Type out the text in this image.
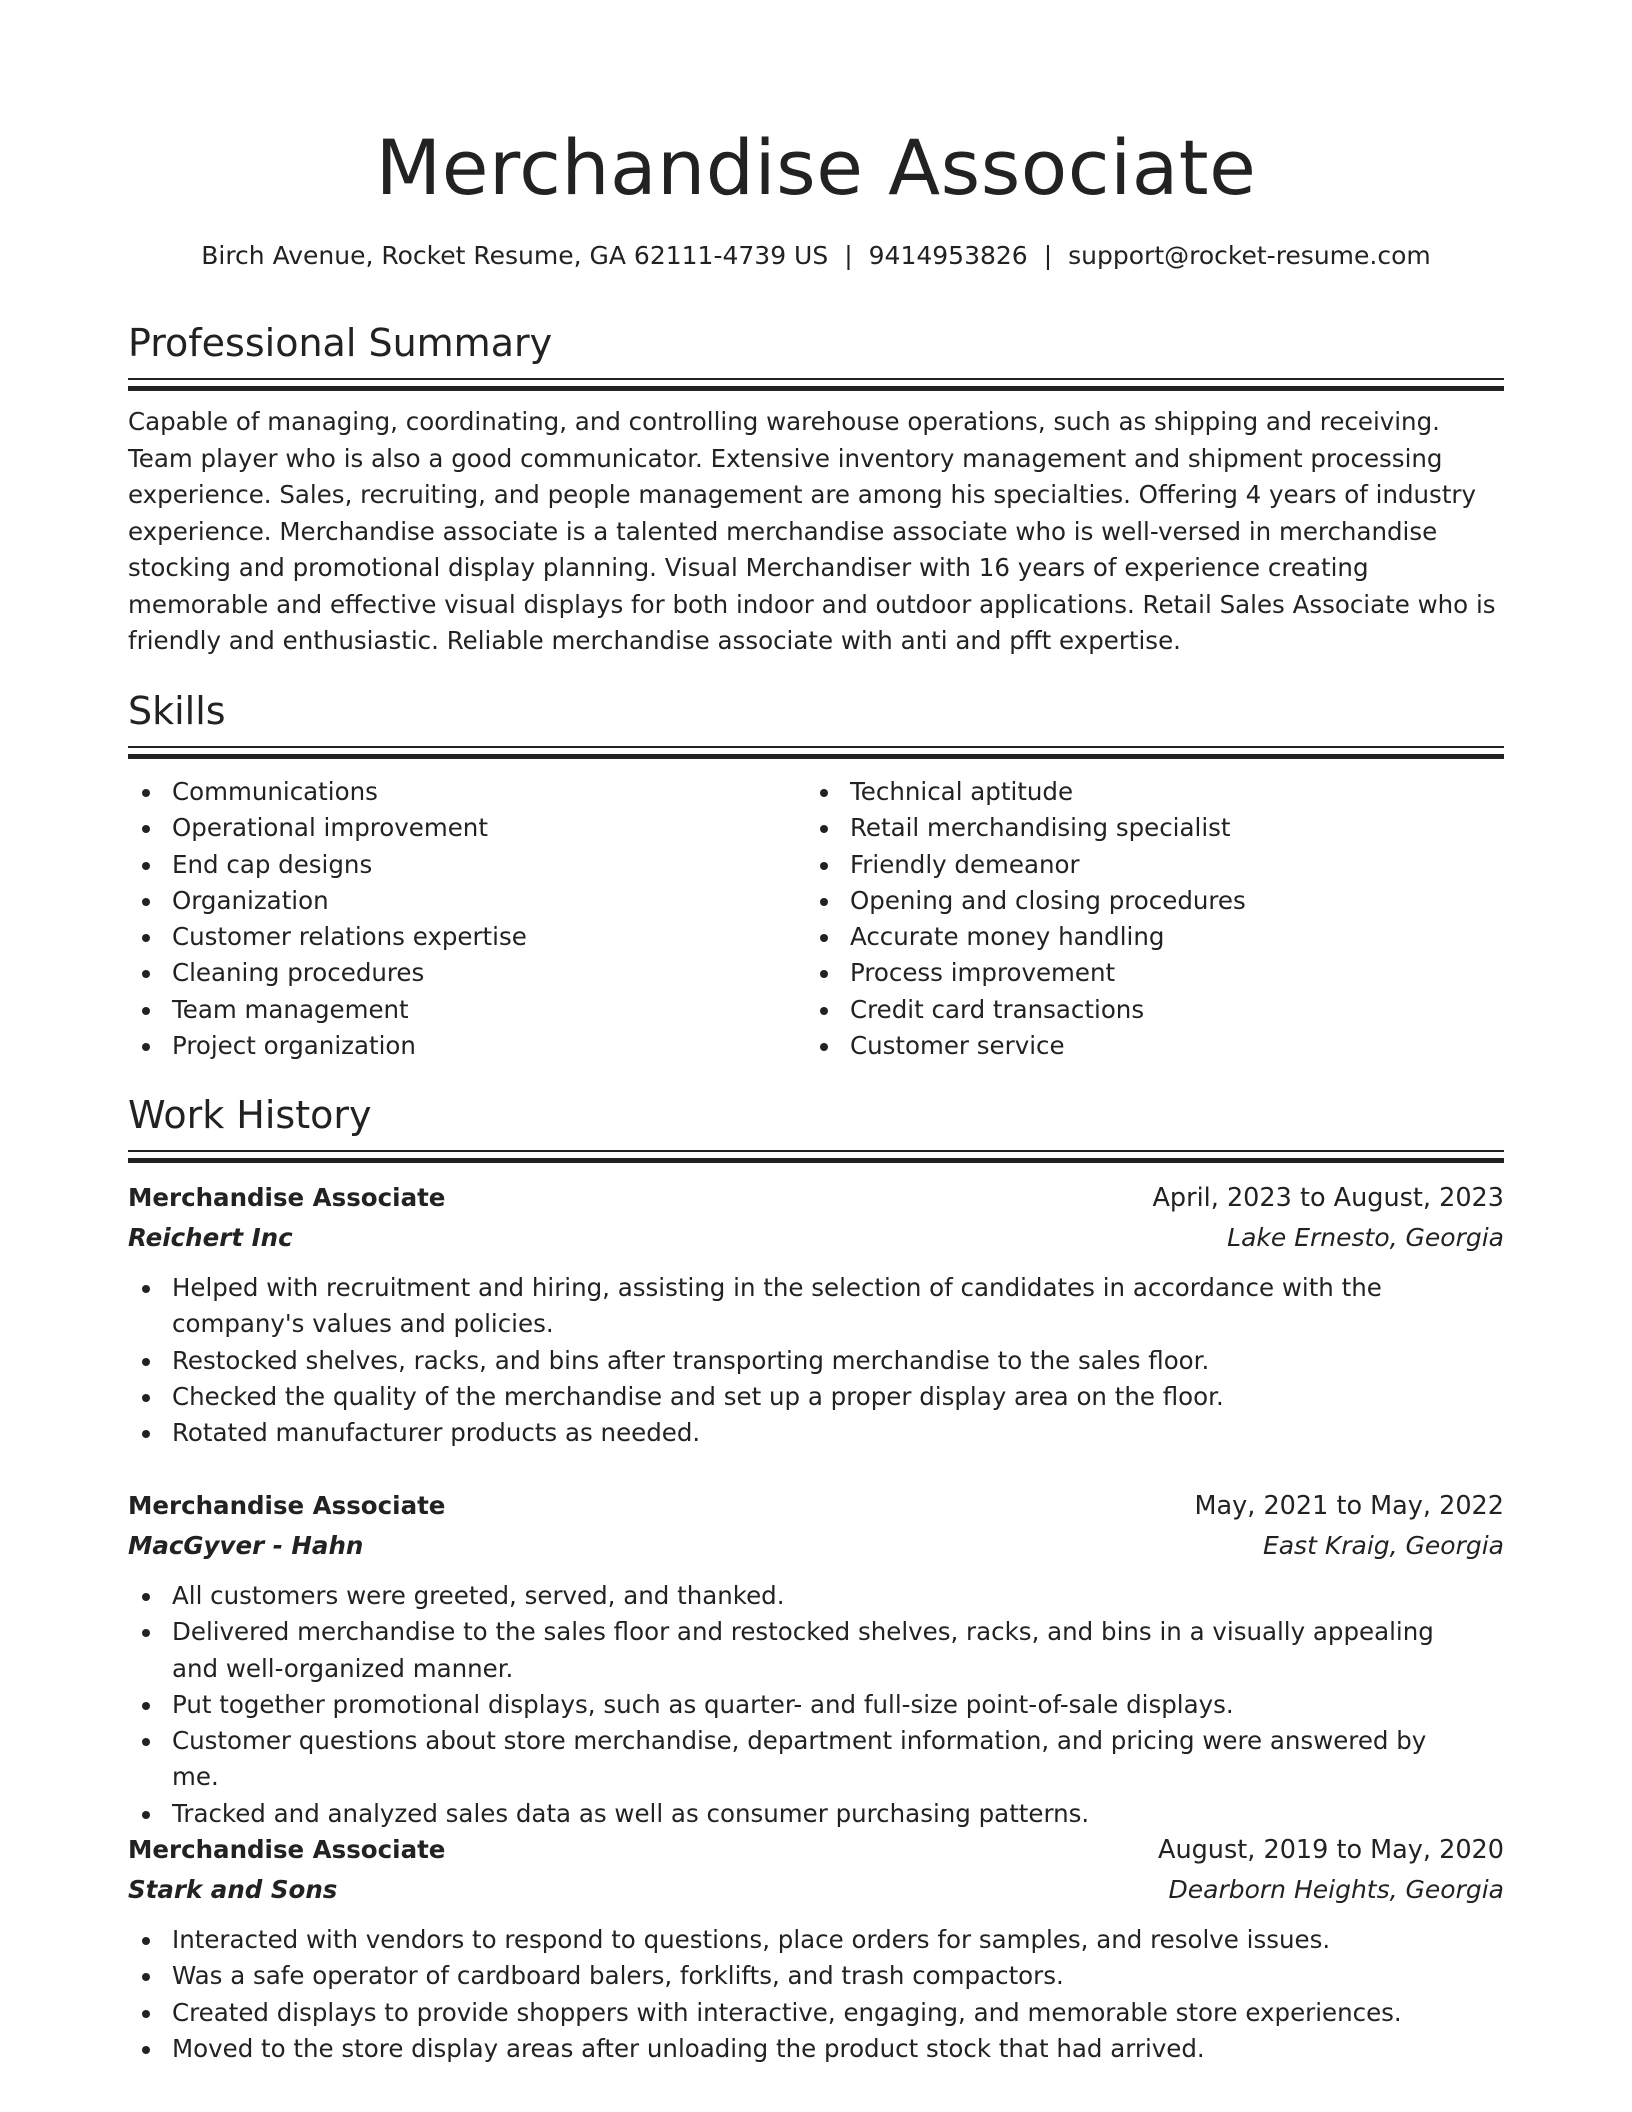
Merchandise Associate
Birch Avenue, Rocket Resume, GA 62111-4739 US | 9414953826 | support@rocket-resume.com
Professional Summary

Capable of managing, coordinating, and controlling warehouse operations, such as shipping and receiving. Team player who is also a good communicator. Extensive inventory management and shipment processing experience. Sales, recruiting, and people management are among his specialties. Offering 4 years of industry experience. Merchandise associate is a talented merchandise associate who is well-versed in merchandise stocking and promotional display planning. Visual Merchandiser with 16 years of experience creating memorable and effective visual displays for both indoor and outdoor applications. Retail Sales Associate who is friendly and enthusiastic. Reliable merchandise associate with anti and pfft expertise.

Skills
Communications
Operational improvement
End cap designs
Organization
Customer relations expertise
Cleaning procedures
Team management
Project organization
Technical aptitude
Retail merchandising specialist
Friendly demeanor
Opening and closing procedures
Accurate money handling
Process improvement
Credit card transactions
Customer service
Work History
Merchandise Associate	April, 2023 to August, 2023
Reichert Inc	Lake Ernesto, Georgia
Helped with recruitment and hiring, assisting in the selection of candidates in accordance with the company's values and policies.
Restocked shelves, racks, and bins after transporting merchandise to the sales floor.
Checked the quality of the merchandise and set up a proper display area on the floor.
Rotated manufacturer products as needed.
Merchandise Associate	May, 2021 to May, 2022
MacGyver - Hahn	East Kraig, Georgia
All customers were greeted, served, and thanked.
Delivered merchandise to the sales floor and restocked shelves, racks, and bins in a visually appealing and well-organized manner.
Put together promotional displays, such as quarter- and full-size point-of-sale displays.
Customer questions about store merchandise, department information, and pricing were answered by me.
Tracked and analyzed sales data as well as consumer purchasing patterns.
Merchandise Associate	August, 2019 to May, 2020
Stark and Sons	Dearborn Heights, Georgia
Interacted with vendors to respond to questions, place orders for samples, and resolve issues.
Was a safe operator of cardboard balers, forklifts, and trash compactors.
Created displays to provide shoppers with interactive, engaging, and memorable store experiences.
Moved to the store display areas after unloading the product stock that had arrived.
